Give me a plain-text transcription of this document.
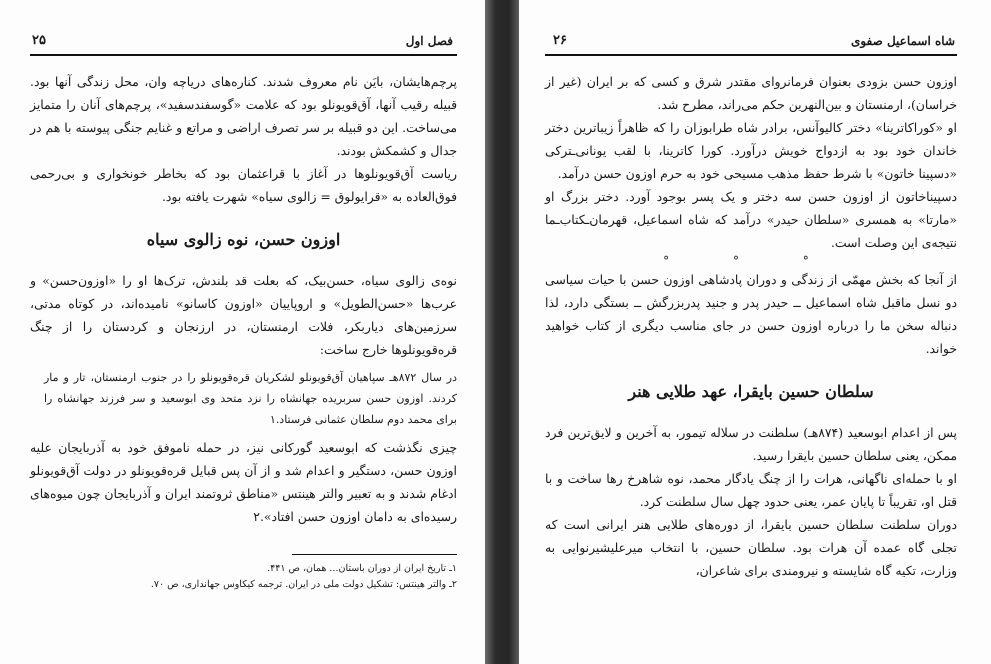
فصل اول
۲۵

پرچم‌هایشان، بایَن نام معروف شدند. کناره‌های دریاچه وان، محل زندگی آنها بود. قبیله رقیب آنها، آق‌قویونلو بود که علامت «گوسفندسفید»، پرچم‌های آنان را متمایز می‌ساخت. این دو قبیله بر سر تصرف اراضی و مراتع و غنایم جنگی پیوسته با هم در جدال و کشمکش بودند.

ریاست آق‌قویونلوها در آغاز با قراعثمان بود که بخاطر خونخواری و بی‌رحمی فوق‌العاده به «قرایولوق = زالوی سیاه» شهرت یافته بود.

اوزون حسن، نوه زالوی سیاه

نوه‌ی زالوی سیاه، حسن‌بیک، که بعلت قد بلندش، ترک‌ها او را «اوزون‌حسن» و عرب‌ها «حسن‌الطویل» و اروپاییان «اوزون کاسانو» نامیده‌اند، در کوتاه مدتی، سرزمین‌های دیاربکر، فلات ارمنستان، در ارزنجان و کردستان را از چنگ قره‌قویونلوها خارج ساخت:

در سال ۸۷۲هـ سپاهیان آق‌قویونلو لشکریان قره‌قویونلو را در جنوب ارمنستان، تار و مار کردند. اوزون حسن سربریده جهانشاه را نزد متحد وی ابوسعید و سر فرزند جهانشاه را برای محمد دوم سلطان عثمانی فرستاد.۱

چیزی نگذشت که ابوسعید گورکانی نیز، در حمله ناموفق خود به آذربایجان علیه اوزون حسن، دستگیر و اعدام شد و از آن پس قبایل قره‌قویونلو در دولت آق‌قویونلو ادغام شدند و به تعبیر والتر هینتس «مناطق ثروتمند ایران و آذربایجان چون میوه‌های رسیده‌ای به دامان اوزون حسن افتاد».۲

۱ـ تاریخ ایران از دوران باستان... همان، ص ۴۴۱.

۲ـ والتر هینتس: تشکیل دولت ملی در ایران. ترجمه کیکاوس جهانداری، ص ۷۰.

شاه اسماعیل صفوی
۲۶

اوزون حسن بزودی بعنوان فرمانروای مقتدر شرق و کسی که بر ایران (غیر از خراسان)، ارمنستان و بین‌النهرین حکم می‌راند، مطرح شد.

او «کوراکاترینا» دختر کالیوآنس، برادر شاه طرابوزان را که ظاهراً زیباترین دختر خاندان خود بود به ازدواج خویش درآورد. کورا کاترینا، با لقب یونانی‌ـترکی «دسپینا خاتون» با شرط حفظ مذهب مسیحی خود به حرم اوزون حسن درآمد.

دسپیناخاتون از اوزون حسن سه دختر و یک پسر بوجود آورد. دختر بزرگ او «مارتا» به همسری «سلطان حیدر» درآمد که شاه اسماعیل، قهرمان‌ـکتاب‌ـما نتیجه‌ی این وصلت است.

° ° °

از آنجا که بخش مهمّی از زندگی و دوران پادشاهی اوزون حسن با حیات سیاسی دو نسل ماقبل شاه اسماعیل ــ حیدر پدر و جنید پدربزرگش ــ بستگی دارد، لذا دنباله سخن ما را درباره اوزون حسن در جای مناسب دیگری از کتاب خواهید خواند.

سلطان حسین بایقرا، عهد طلایی هنر

پس از اعدام ابوسعید (۸۷۴هـ) سلطنت در سلاله تیمور، به آخرین و لایق‌ترین فرد ممکن، یعنی سلطان حسین بایقرا رسید.

او با حمله‌ای ناگهانی، هرات را از چنگ یادگار محمد، نوه شاهرخ رها ساخت و با قتل او، تقریباً تا پایان عمر، یعنی حدود چهل سال سلطنت کرد.

دوران سلطنت سلطان حسین بایقرا، از دوره‌های طلایی هنر ایرانی است که تجلی گاه عمده آن هرات بود. سلطان حسین، با انتخاب میرعلیشیرنوایی به وزارت، تکیه گاه شایسته و نیرومندی برای شاعران،
